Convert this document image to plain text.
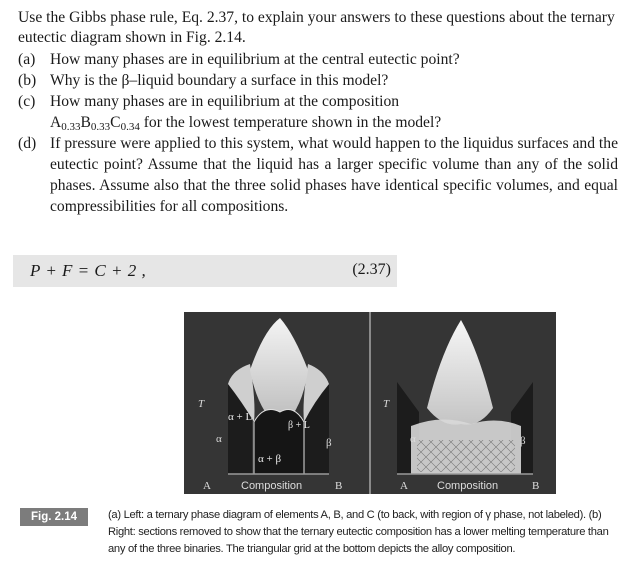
Use the Gibbs phase rule, Eq. 2.37, to explain your answers to these questions about the ternary eutectic diagram shown in Fig. 2.14.
(a) How many phases are in equilibrium at the central eutectic point?
(b) Why is the β–liquid boundary a surface in this model?
(c) How many phases are in equilibrium at the composition
$A_{0.33}B_{0.33}C_{0.34}$ for the lowest temperature shown in the model?
(d) If pressure were applied to this system, what would happen to the liquidus surfaces and the eutectic point? Assume that the liquid has a larger specific volume than any of the solid phases. Assume also that the three solid phases have identical specific volumes, and equal compressibilities for all compositions.
P + F = C + 2 ,	(2.37)
T
α + L
β + L
α	β
α + β
A	Composition	B
T
α	β
A	Composition	B
Fig. 2.14	(a) Left: a ternary phase diagram of elements A, B, and C (to back, with region of γ phase, not labeled). (b) Right: sections removed to show that the ternary eutectic composition has a lower melting temperature than any of the three binaries. The triangular grid at the bottom depicts the alloy composition.
